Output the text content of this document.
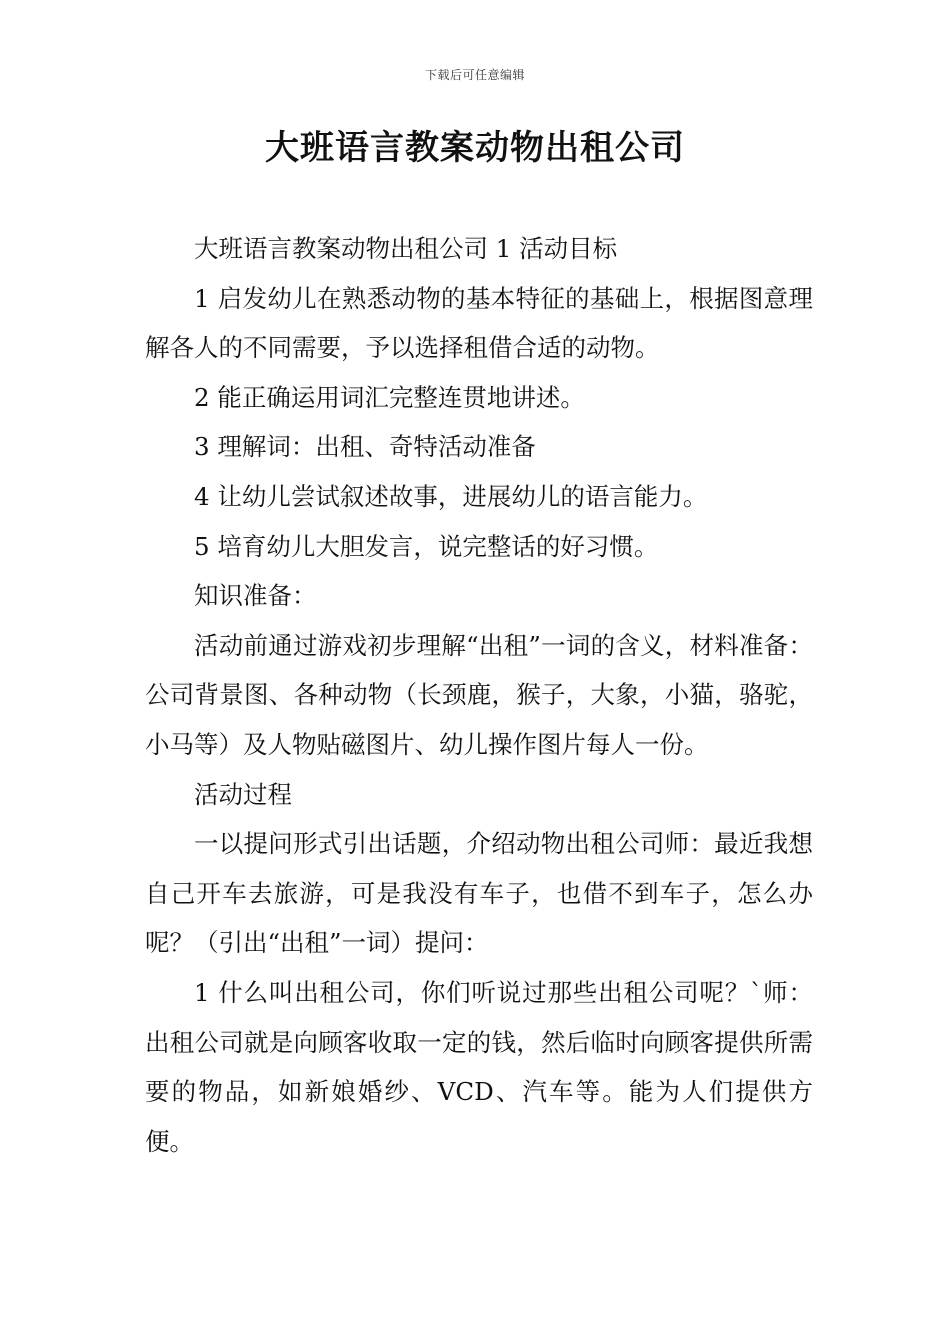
下载后可任意编辑
大班语言教案动物出租公司

大班语言教案动物出租公司 1 活动目标

1 启发幼儿在熟悉动物的基本特征的基础上，根据图意理解各人的不同需要，予以选择租借合适的动物。

2 能正确运用词汇完整连贯地讲述。

3 理解词：出租、奇特活动准备

4 让幼儿尝试叙述故事，进展幼儿的语言能力。

5 培育幼儿大胆发言，说完整话的好习惯。

知识准备：

活动前通过游戏初步理解“出租”一词的含义，材料准备：公司背景图、各种动物（长颈鹿，猴子，大象，小猫，骆驼，小马等）及人物贴磁图片、幼儿操作图片每人一份。

活动过程

一以提问形式引出话题，介绍动物出租公司师：最近我想自己开车去旅游，可是我没有车子，也借不到车子，怎么办呢？（引出“出租”一词）提问：

1 什么叫出租公司，你们听说过那些出租公司呢？`师：出租公司就是向顾客收取一定的钱，然后临时向顾客提供所需要的物品，如新娘婚纱、VCD、汽车等。能为人们提供方便。
